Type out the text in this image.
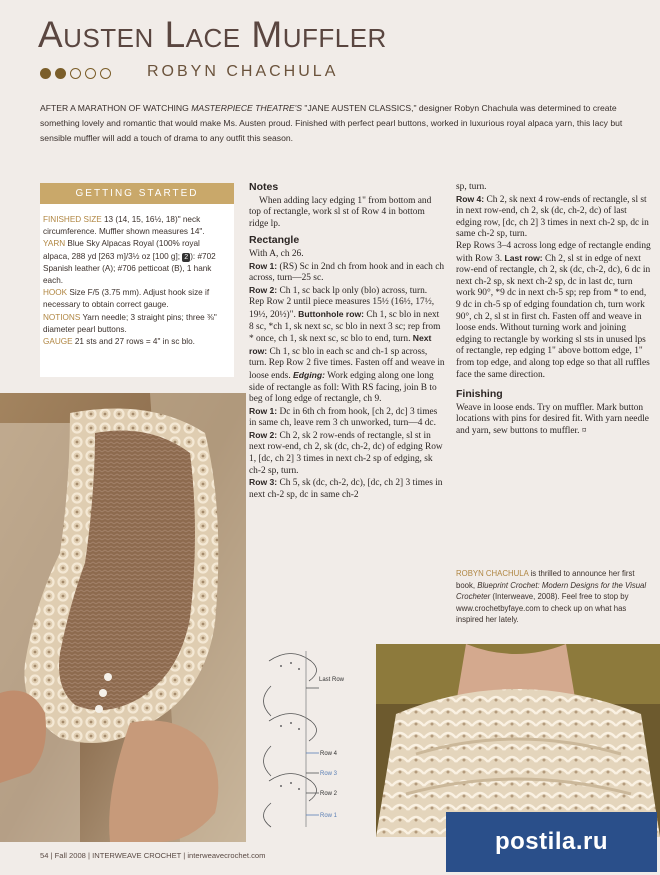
Austen Lace Muffler

ROBYN CHACHULA

AFTER A MARATHON OF WATCHING MASTERPIECE THEATRE'S "JANE AUSTEN CLASSICS," designer Robyn Chachula was determined to create something lovely and romantic that would make Ms. Austen proud. Finished with perfect pearl buttons, worked in luxurious royal alpaca yarn, this lacy but sensible muffler will add a touch of drama to any outfit this season.

GETTING STARTED

FINISHED SIZE 13 (14, 15, 16½, 18)" neck circumference. Muffler shown measures 14".

YARN Blue Sky Alpacas Royal (100% royal alpaca, 288 yd [263 m]/3½ oz [100 g]; 2 ): #702 Spanish leather (A); #706 petticoat (B), 1 hank each.

HOOK Size F/5 (3.75 mm). Adjust hook size if necessary to obtain correct gauge.

NOTIONS Yarn needle; 3 straight pins; three ⅜" diameter pearl buttons.

GAUGE 21 sts and 27 rows = 4" in sc blo.

Notes

When adding lacy edging 1" from bottom and top of rectangle, work sl st of Row 4 in bottom ridge lp.

Rectangle

With A, ch 26.

Row 1: (RS) Sc in 2nd ch from hook and in each ch across, turn—25 sc.

Row 2: Ch 1, sc back lp only (blo) across, turn.

Rep Row 2 until piece measures 15½ (16½, 17½, 19½, 20½)". Buttonhole row: Ch 1, sc blo in next 8 sc, *ch 1, sk next sc, sc blo in next 3 sc; rep from * once, ch 1, sk next sc, sc blo to end, turn. Next row: Ch 1, sc blo in each sc and ch-1 sp across, turn. Rep Row 2 five times. Fasten off and weave in loose ends. Edging: Work edging along one long side of rectangle as foll: With RS facing, join B to beg of long edge of rectangle, ch 9.

Row 1: Dc in 6th ch from hook, [ch 2, dc] 3 times in same ch, leave rem 3 ch unworked, turn—4 dc.

Row 2: Ch 2, sk 2 row-ends of rectangle, sl st in next row-end, ch 2, sk (dc, ch-2, dc) of edging Row 1, [dc, ch 2] 3 times in next ch-2 sp of edging, sk ch-2 sp, turn.

Row 3: Ch 5, sk (dc, ch-2, dc), [dc, ch 2] 3 times in next ch-2 sp, dc in same ch-2

sp, turn.

Row 4: Ch 2, sk next 4 row-ends of rectangle, sl st in next row-end, ch 2, sk (dc, ch-2, dc) of last edging row, [dc, ch 2] 3 times in next ch-2 sp, dc in same ch-2 sp, turn.

Rep Rows 3–4 across long edge of rectangle ending with Row 3. Last row: Ch 2, sl st in edge of next row-end of rectangle, ch 2, sk (dc, ch-2, dc), 6 dc in next ch-2 sp, sk next ch-2 sp, dc in last dc, turn work 90°, *9 dc in next ch-5 sp; rep from * to end, 9 dc in ch-5 sp of edging foundation ch, turn work 90°, ch 2, sl st in first ch. Fasten off and weave in loose ends. Without turning work and joining edging to rectangle by working sl sts in unused lps of rectangle, rep edging 1" above bottom edge, 1" from top edge, and along top edge so that all ruffles face the same direction.

Finishing

Weave in loose ends. Try on muffler. Mark button locations with pins for desired fit. With yarn needle and yarn, sew buttons to muffler. ¤

ROBYN CHACHULA is thrilled to announce her first book, Blueprint Crochet: Modern Designs for the Visual Crocheter (Interweave, 2008). Feel free to stop by www.crochetbyfaye.com to check up on what has inspired her lately.

Last Row
Row 4
Row 3
Row 2
Row 1
54 | Fall 2008 | INTERWEAVE CROCHET | interweavecrochet.com
postila.ru
